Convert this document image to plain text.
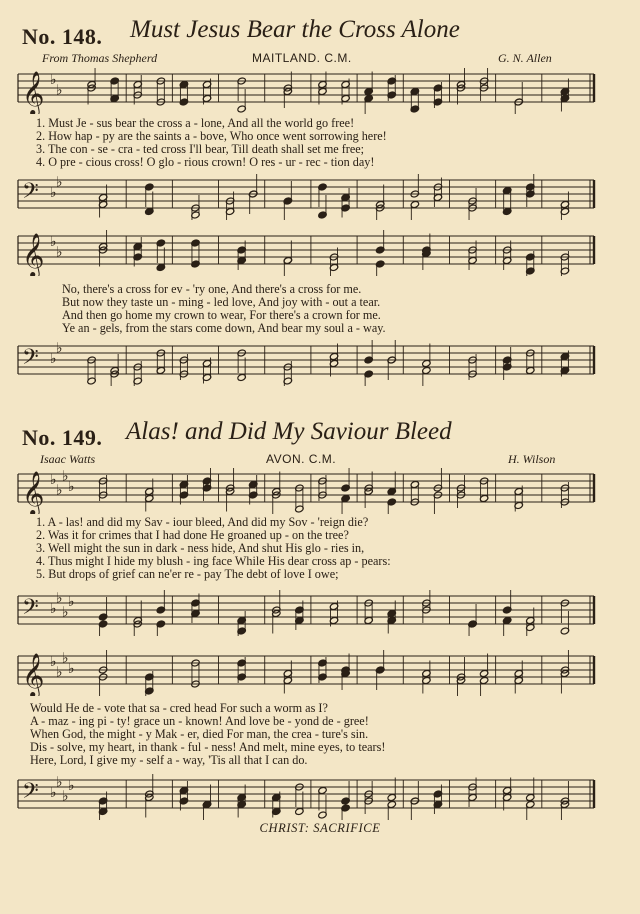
No. 148. Must Jesus Bear the Cross Alone
From Thomas Shepherd	MAITLAND. C.M.	G. N. Allen
𝄞 ♭
♭
1. Must Je - sus bear the cross a - lone, And all the world go free!
2. How hap - py are the saints a - bove, Who once went sorrowing here!
3. The con - se - cra - ted cross I'll bear, Till death shall set me free;
4. O pre - cious cross! O glo - rious crown! O res - ur - rec - tion day!
𝄢 ♭
♭
𝄞 ♭
♭
No, there's a cross for ev - 'ry one, And there's a cross for me.
But now they taste un - ming - led love, And joy with - out a tear.
And then go home my crown to wear, For there's a crown for me.
Ye an - gels, from the stars come down, And bear my soul a - way.
𝄢 ♭
♭
No. 149. Alas! and Did My Saviour Bleed
Isaac Watts	AVON. C.M.	H. Wilson
𝄞 ♭
♭
♭
♭
1. A - las! and did my Sav - iour bleed, And did my Sov - 'reign die?
2. Was it for crimes that I had done He groaned up - on the tree?
3. Well might the sun in dark - ness hide, And shut His glo - ries in,
4. Thus might I hide my blush - ing face While His dear cross ap - pears:
5. But drops of grief can ne'er re - pay The debt of love I owe;
𝄢 ♭
♭
♭
♭
𝄞 ♭
♭
♭
♭
Would He de - vote that sa - cred head For such a worm as I?
A - maz - ing pi - ty! grace un - known! And love be - yond de - gree!
When God, the might - y Mak - er, died For man, the crea - ture's sin.
Dis - solve, my heart, in thank - ful - ness! And melt, mine eyes, to tears!
Here, Lord, I give my - self a - way, 'Tis all that I can do.
𝄢 ♭
♭
♭
♭
CHRIST: SACRIFICE
